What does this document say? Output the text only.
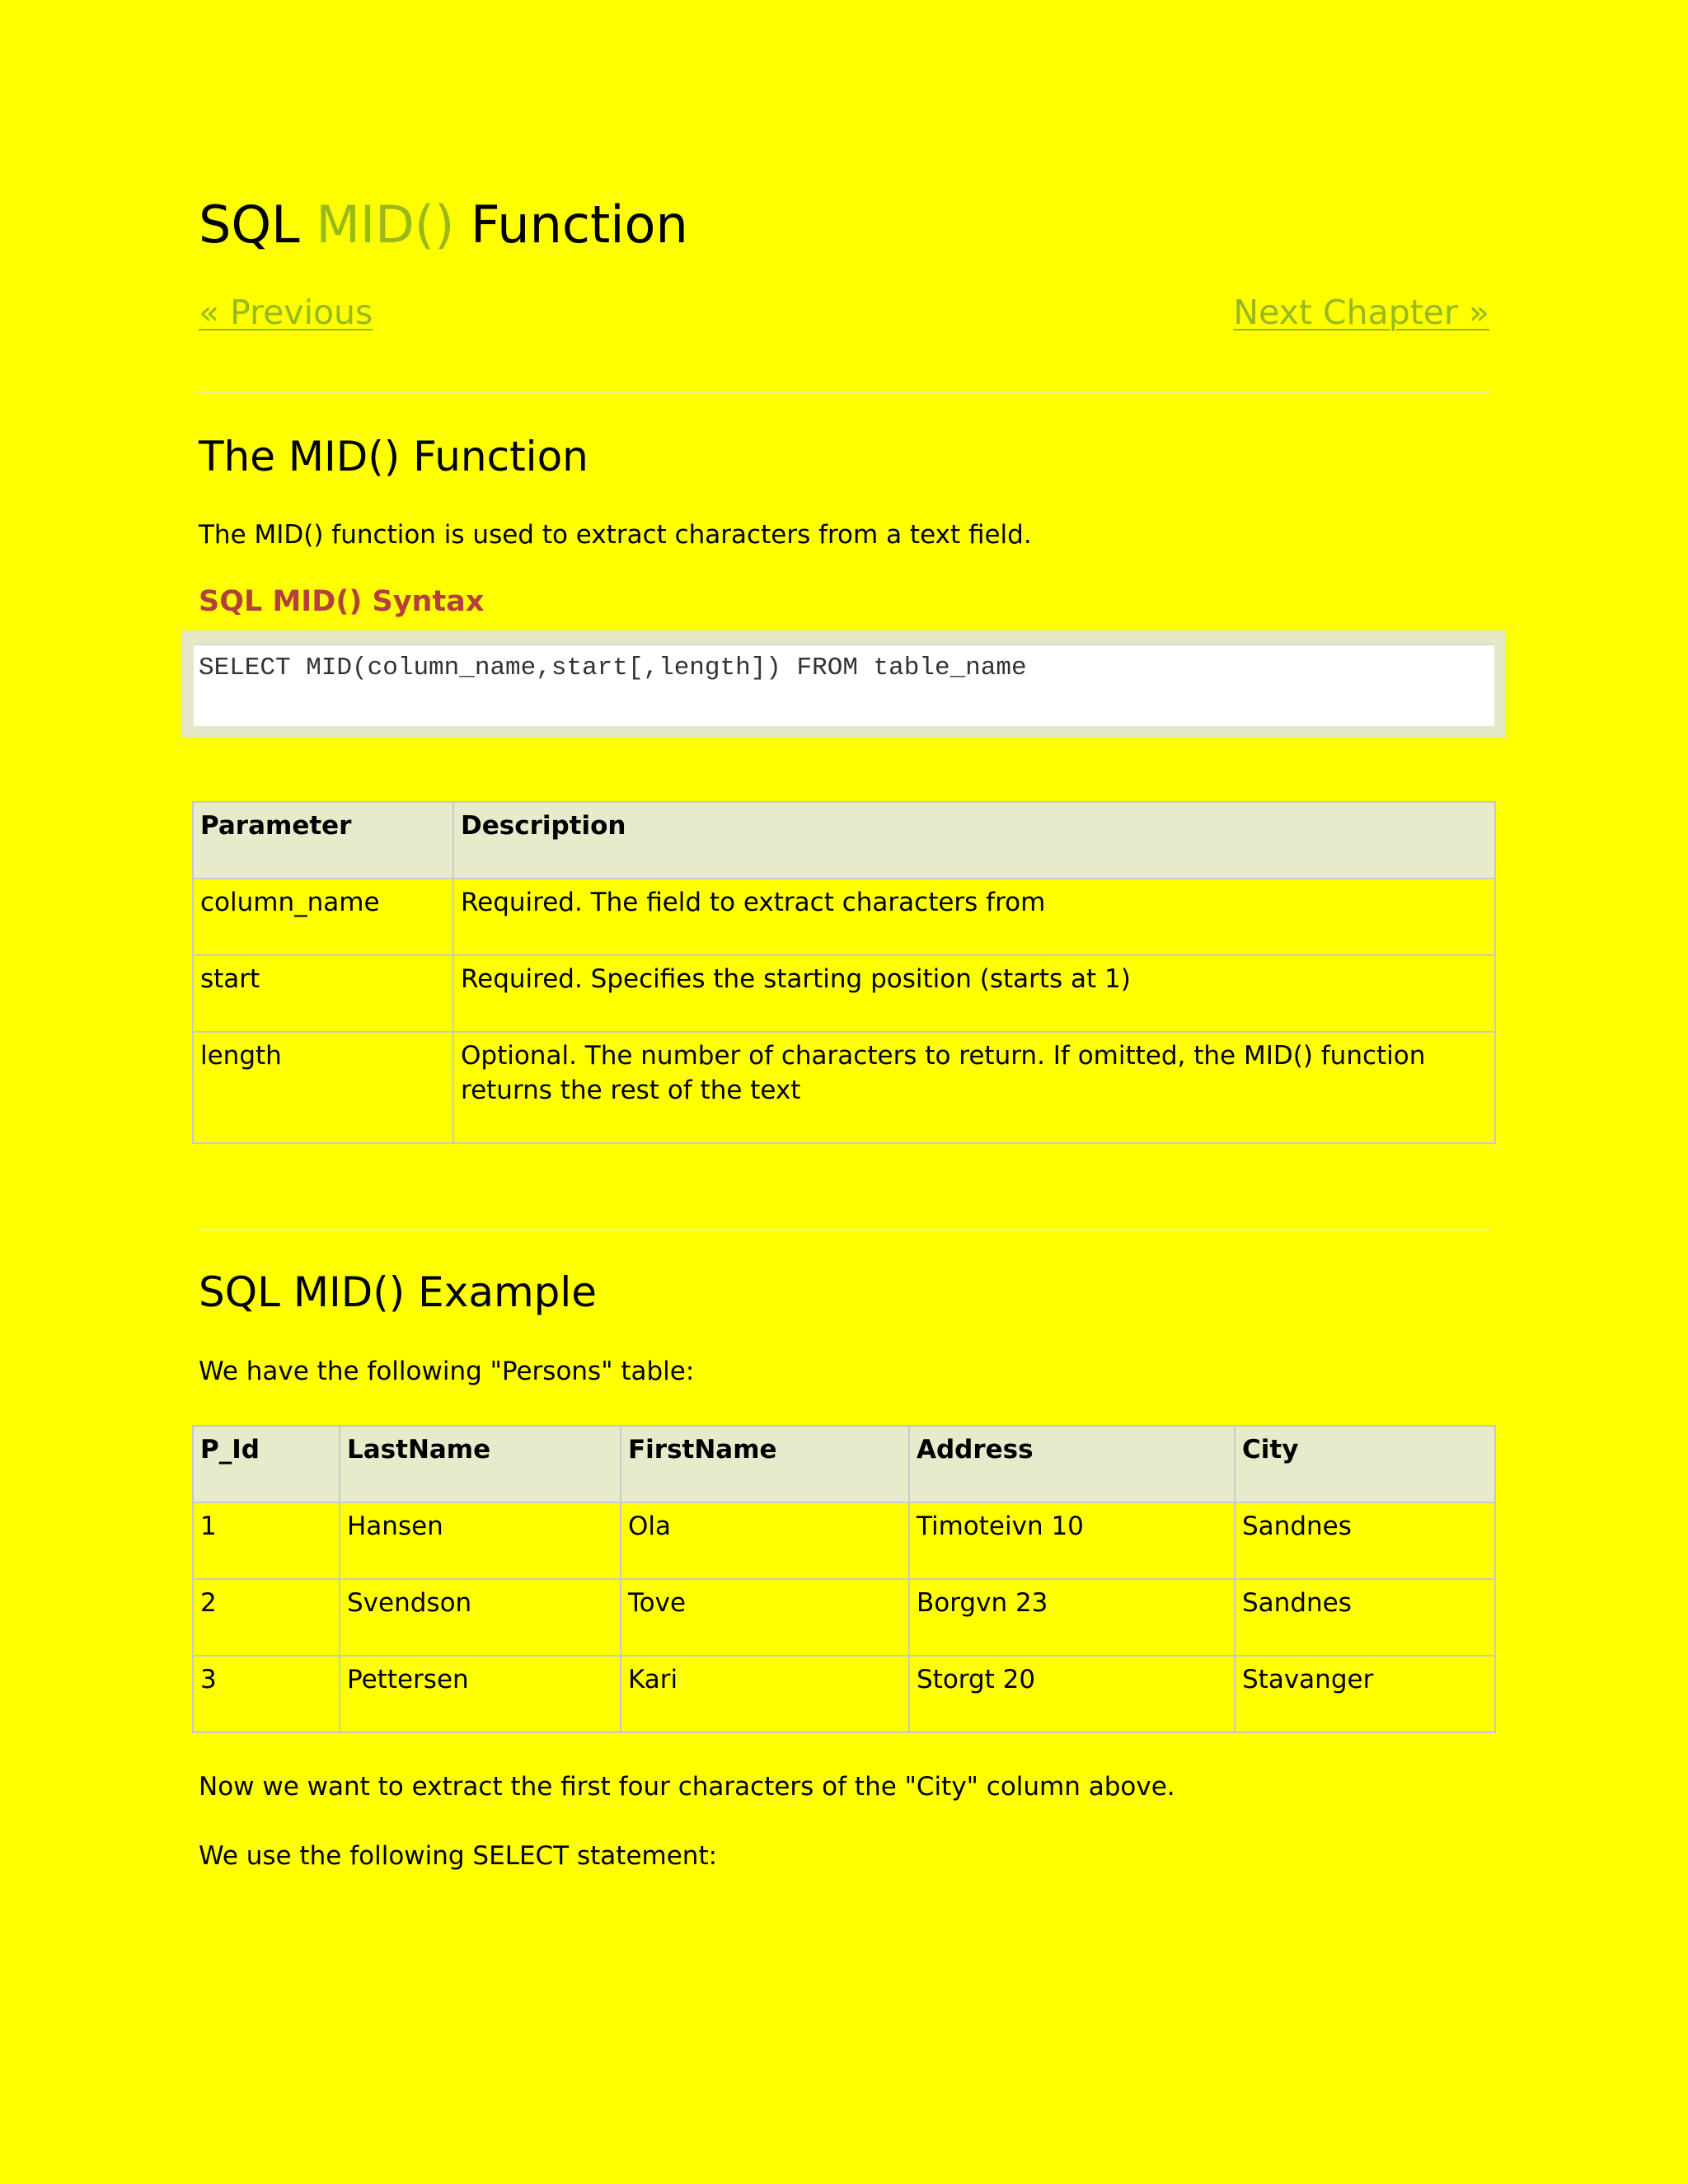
SQL MID() Function
« Previous	Next Chapter »
The MID() Function

The MID() function is used to extract characters from a text field.

SQL MID() Syntax
SELECT MID(column_name,start[,length]) FROM table_name
Parameter	Description
column_name	Required. The field to extract characters from
start	Required. Specifies the starting position (starts at 1)
length	Optional. The number of characters to return. If omitted, the MID() function returns the rest of the text
SQL MID() Example

We have the following "Persons" table:

P_Id	LastName	FirstName	Address	City
1	Hansen	Ola	Timoteivn 10	Sandnes
2	Svendson	Tove	Borgvn 23	Sandnes
3	Pettersen	Kari	Storgt 20	Stavanger

Now we want to extract the first four characters of the "City" column above.

We use the following SELECT statement:
